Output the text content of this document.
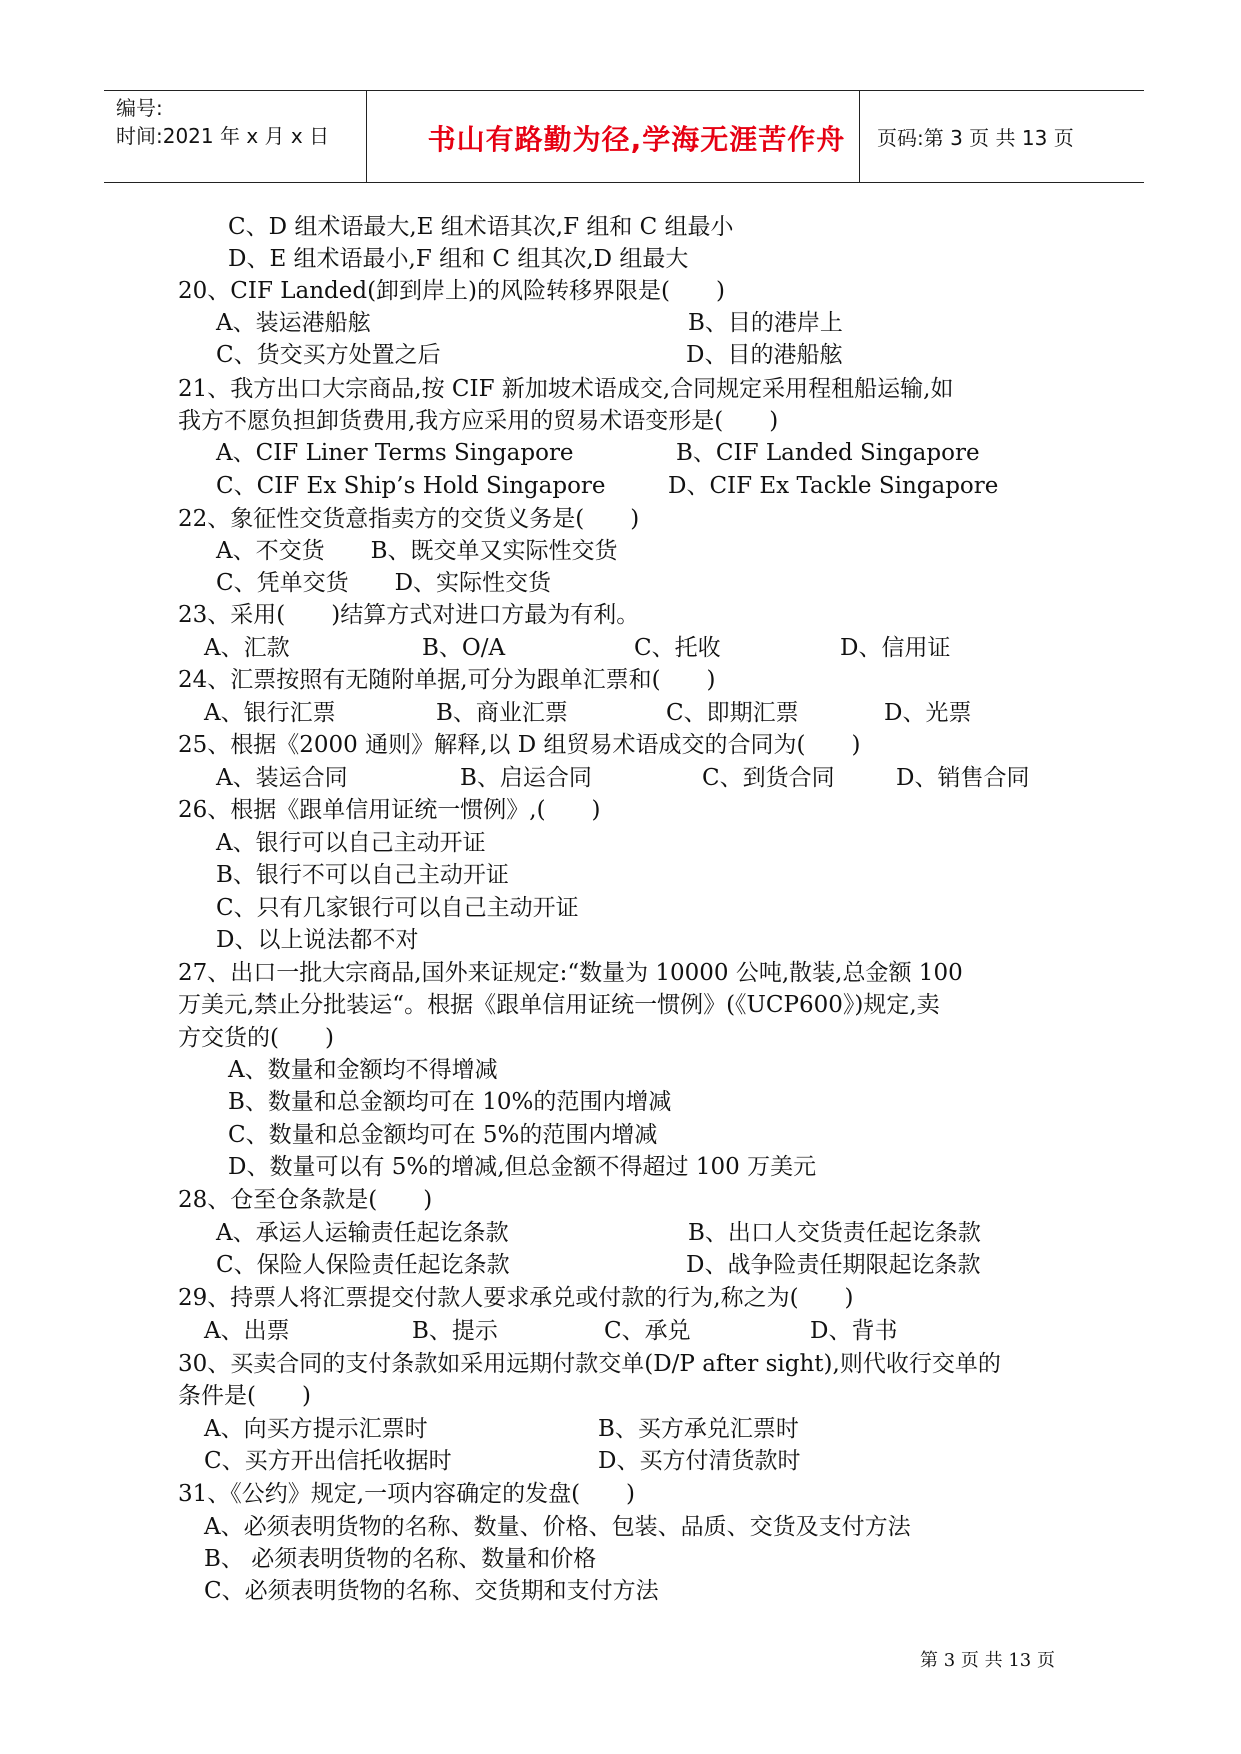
编号:
时间:2021 年 x 月 x 日	书山有路勤为径,学海无涯苦作舟	页码:第 3 页 共 13 页
C、D 组术语最大,E 组术语其次,F 组和 C 组最小
D、E 组术语最小,F 组和 C 组其次,D 组最大
20、CIF Landed(卸到岸上)的风险转移界限是(　　)
A、装运港船舷	B、目的港岸上
C、货交买方处置之后	D、目的港船舷
21、我方出口大宗商品,按 CIF 新加坡术语成交,合同规定采用程租船运输,如
我方不愿负担卸货费用,我方应采用的贸易术语变形是(　　)
A、CIF Liner Terms Singapore	B、CIF Landed Singapore
C、CIF Ex Ship’s Hold Singapore	D、CIF Ex Tackle Singapore
22、象征性交货意指卖方的交货义务是(　　)
A、不交货　　B、既交单又实际性交货
C、凭单交货　　D、实际性交货
23、采用(　　)结算方式对进口方最为有利。
A、汇款	B、O/A	C、托收	D、信用证
24、汇票按照有无随附单据,可分为跟单汇票和(　　)
A、银行汇票	B、商业汇票	C、即期汇票	D、光票
25、根据《2000 通则》解释,以 D 组贸易术语成交的合同为(　　)
A、装运合同	B、启运合同	C、到货合同	D、销售合同
26、根据《跟单信用证统一惯例》,(　　)
A、银行可以自己主动开证
B、银行不可以自己主动开证
C、只有几家银行可以自己主动开证
D、以上说法都不对
27、出口一批大宗商品,国外来证规定:“数量为 10000 公吨,散装,总金额 100
万美元,禁止分批装运“。根据《跟单信用证统一惯例》(《UCP600》)规定,卖
方交货的(　　)
A、数量和金额均不得增减
B、数量和总金额均可在 10%的范围内增减
C、数量和总金额均可在 5%的范围内增减
D、数量可以有 5%的增减,但总金额不得超过 100 万美元
28、仓至仓条款是(　　)
A、承运人运输责任起讫条款	B、出口人交货责任起讫条款
C、保险人保险责任起讫条款	D、战争险责任期限起讫条款
29、持票人将汇票提交付款人要求承兑或付款的行为,称之为(　　)
A、出票	B、提示	C、承兑	D、背书
30、买卖合同的支付条款如采用远期付款交单(D/P after sight),则代收行交单的
条件是(　　)
A、向买方提示汇票时	B、买方承兑汇票时
C、买方开出信托收据时	D、买方付清货款时
31、《公约》规定,一项内容确定的发盘(　　)
A、必须表明货物的名称、数量、价格、包装、品质、交货及支付方法
B、 必须表明货物的名称、数量和价格
C、必须表明货物的名称、交货期和支付方法
第 3 页 共 13 页
